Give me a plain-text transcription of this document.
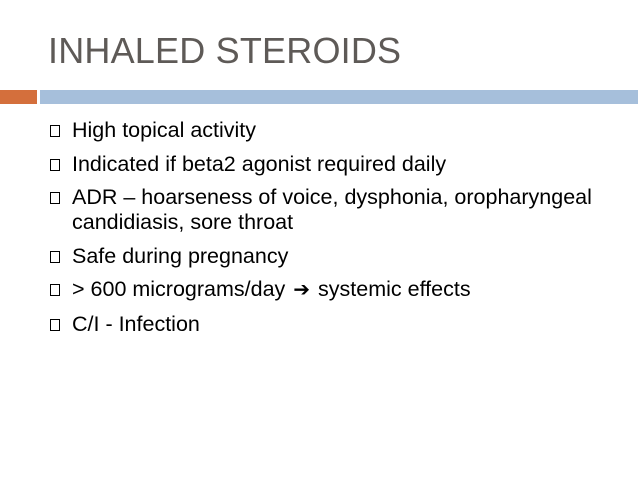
INHALED STEROIDS
High topical activity
Indicated if beta2 agonist required daily
ADR – hoarseness of voice, dysphonia, oropharyngeal candidiasis, sore throat
Safe during pregnancy
> 600 micrograms/day ➔ systemic effects
C/I - Infection
